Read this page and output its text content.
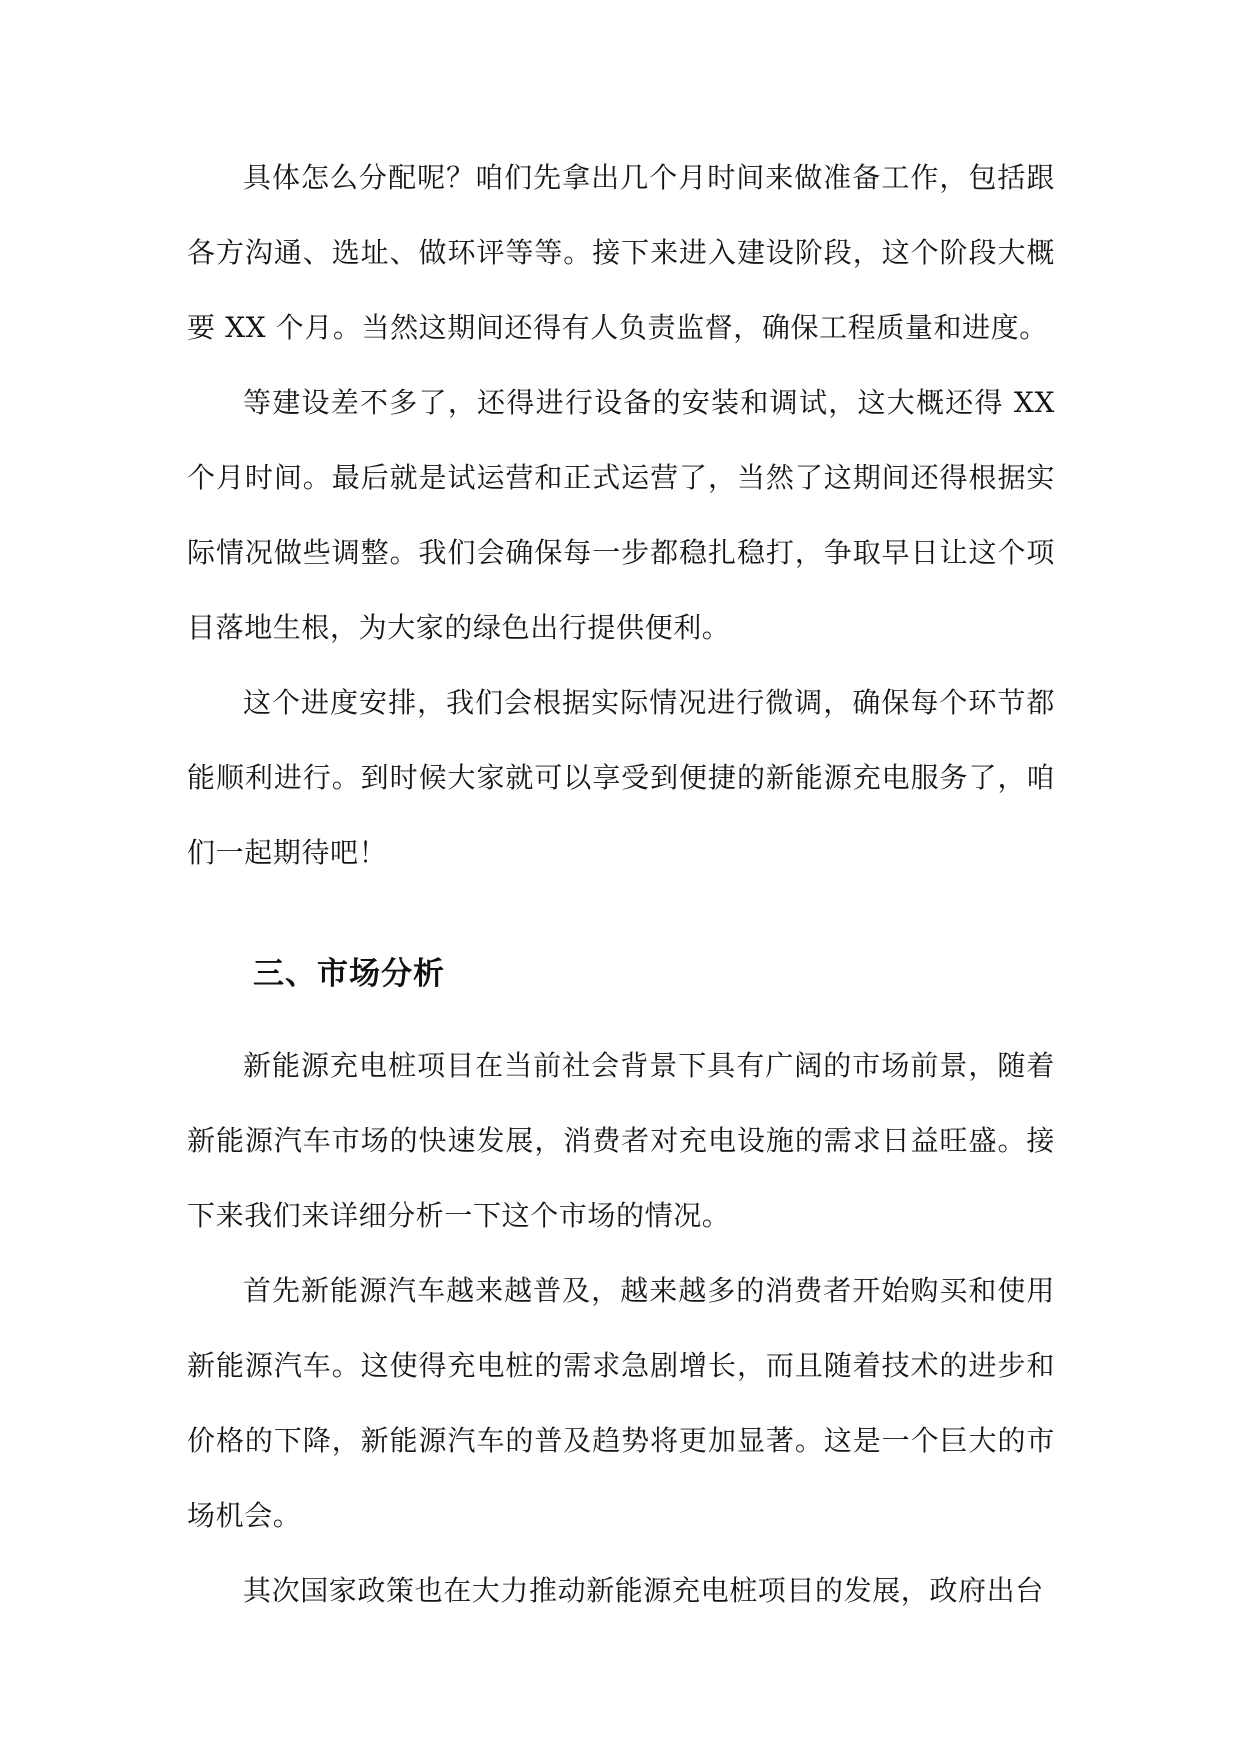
具体怎么分配呢？咱们先拿出几个月时间来做准备工作，包括跟各方沟通、选址、做环评等等。接下来进入建设阶段，这个阶段大概要 XX 个月。当然这期间还得有人负责监督，确保工程质量和进度。

等建设差不多了，还得进行设备的安装和调试，这大概还得 XX 个月时间。最后就是试运营和正式运营了，当然了这期间还得根据实际情况做些调整。我们会确保每一步都稳扎稳打，争取早日让这个项目落地生根，为大家的绿色出行提供便利。

这个进度安排，我们会根据实际情况进行微调，确保每个环节都能顺利进行。到时候大家就可以享受到便捷的新能源充电服务了，咱们一起期待吧！

三、市场分析

新能源充电桩项目在当前社会背景下具有广阔的市场前景，随着新能源汽车市场的快速发展，消费者对充电设施的需求日益旺盛。接下来我们来详细分析一下这个市场的情况。

首先新能源汽车越来越普及，越来越多的消费者开始购买和使用新能源汽车。这使得充电桩的需求急剧增长，而且随着技术的进步和价格的下降，新能源汽车的普及趋势将更加显著。这是一个巨大的市场机会。

其次国家政策也在大力推动新能源充电桩项目的发展，政府出台
